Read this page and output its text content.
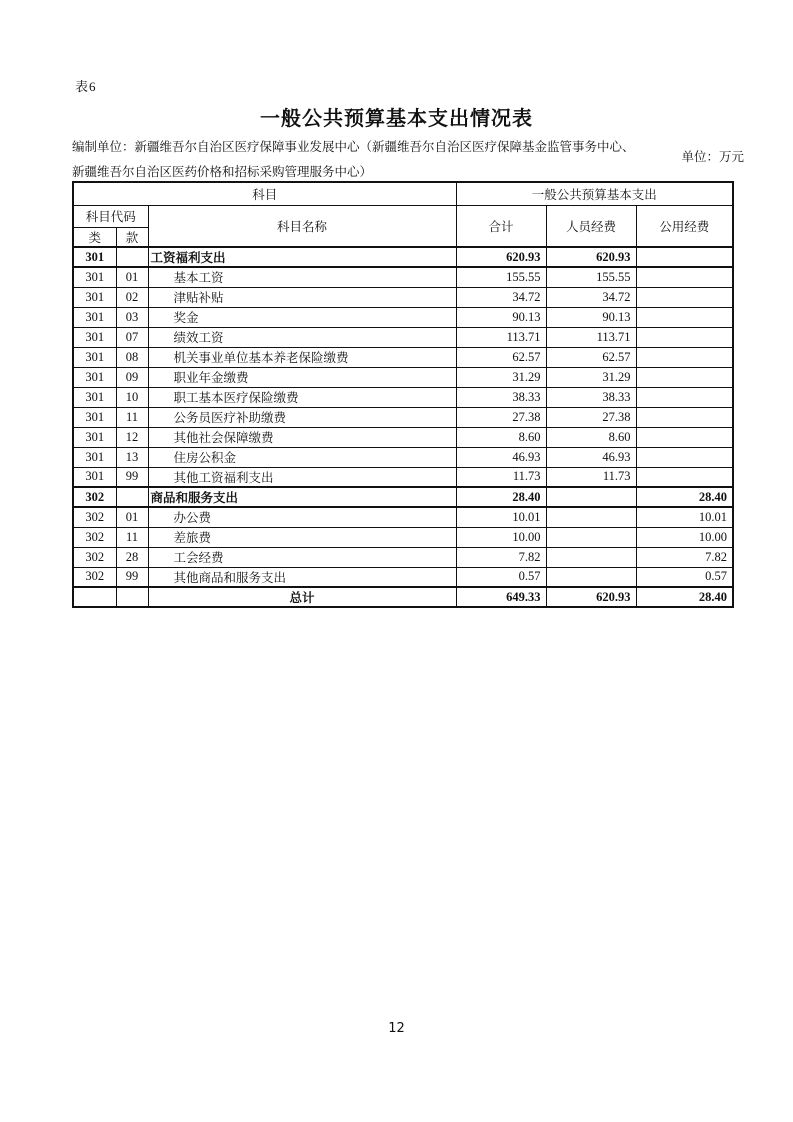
表6
一般公共预算基本支出情况表
编制单位：新疆维吾尔自治区医疗保障事业发展中心（新疆维吾尔自治区医疗保障基金监管事务中心、
新疆维吾尔自治区医药价格和招标采购管理服务中心）
单位：万元
科目			一般公共预算基本支出		
科目代码		科目名称	合计	人员经费	公用经费
类	款				
301		工资福利支出	620.93	620.93	
301	01	基本工资	155.55	155.55	
301	02	津贴补贴	34.72	34.72	
301	03	奖金	90.13	90.13	
301	07	绩效工资	113.71	113.71	
301	08	机关事业单位基本养老保险缴费	62.57	62.57	
301	09	职业年金缴费	31.29	31.29	
301	10	职工基本医疗保险缴费	38.33	38.33	
301	11	公务员医疗补助缴费	27.38	27.38	
301	12	其他社会保障缴费	8.60	8.60	
301	13	住房公积金	46.93	46.93	
301	99	其他工资福利支出	11.73	11.73	
302		商品和服务支出	28.40		28.40
302	01	办公费	10.01		10.01
302	11	差旅费	10.00		10.00
302	28	工会经费	7.82		7.82
302	99	其他商品和服务支出	0.57		0.57
		总计	649.33	620.93	28.40
12
